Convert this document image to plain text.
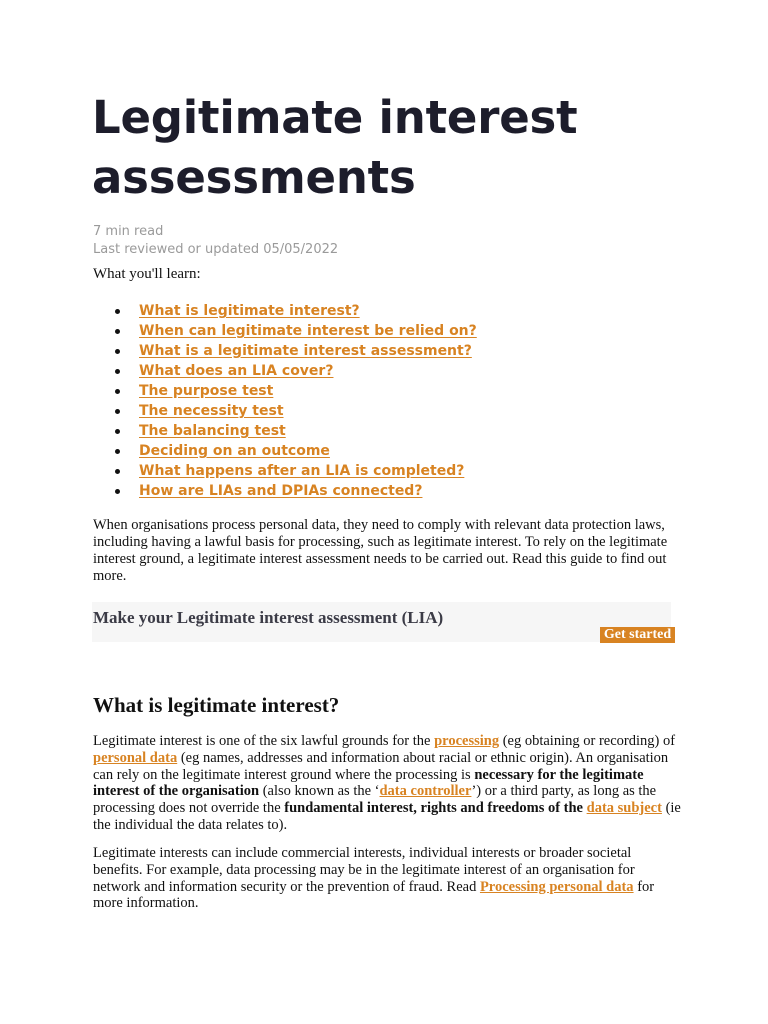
Legitimate interest assessments
7 min read
Last reviewed or updated 05/05/2022
What you'll learn:
What is legitimate interest?
When can legitimate interest be relied on?
What is a legitimate interest assessment?
What does an LIA cover?
The purpose test
The necessity test
The balancing test
Deciding on an outcome
What happens after an LIA is completed?
How are LIAs and DPIAs connected?

When organisations process personal data, they need to comply with relevant data protection laws, including having a lawful basis for processing, such as legitimate interest. To rely on the legitimate interest ground, a legitimate interest assessment needs to be carried out. Read this guide to find out more.

Make your Legitimate interest assessment (LIA)
Get started
What is legitimate interest?

Legitimate interest is one of the six lawful grounds for the processing (eg obtaining or recording) of personal data (eg names, addresses and information about racial or ethnic origin). An organisation can rely on the legitimate interest ground where the processing is necessary for the legitimate interest of the organisation (also known as the ‘data controller’) or a third party, as long as the processing does not override the fundamental interest, rights and freedoms of the data subject (ie the individual the data relates to).

Legitimate interests can include commercial interests, individual interests or broader societal benefits. For example, data processing may be in the legitimate interest of an organisation for network and information security or the prevention of fraud. Read Processing personal data for more information.
